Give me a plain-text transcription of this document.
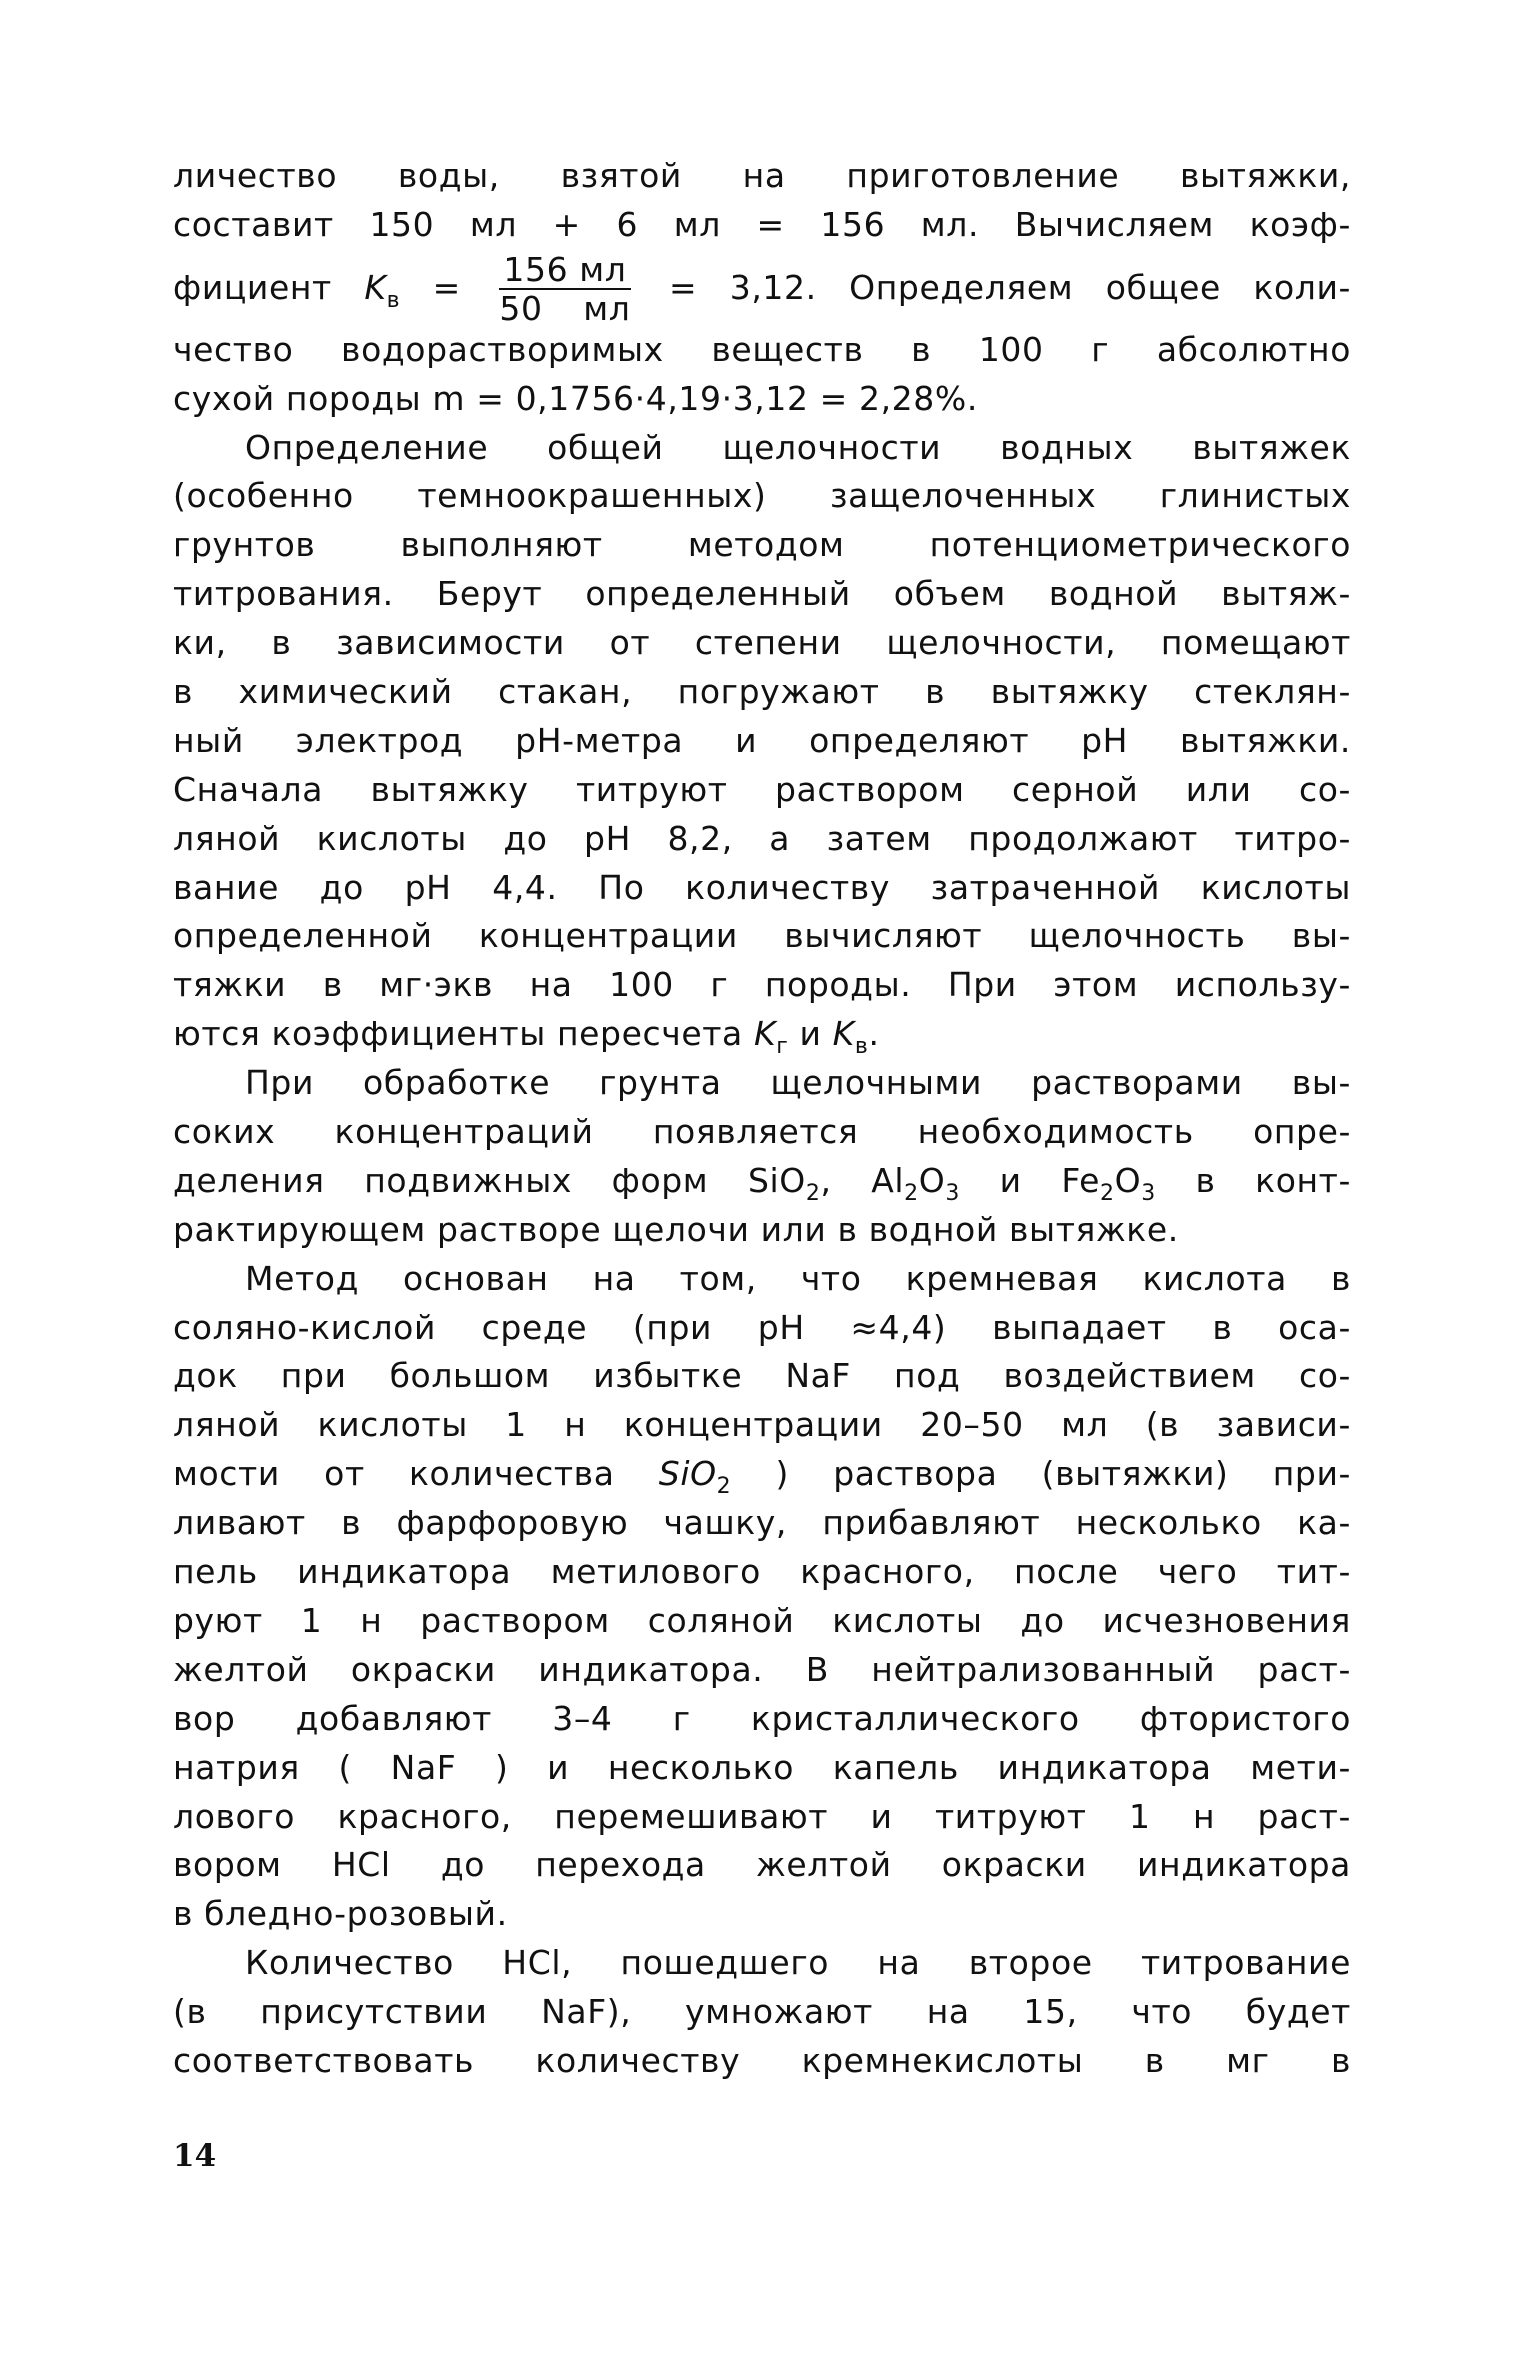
личество воды, взятой на приготовление вытяжки,
составит 150 мл + 6 мл = 156 мл. Вычисляем коэф-
фициент $K_в = \frac{156 мл}{50 мл} = 3,12$. Определяем общее коли-
чество водорастворимых веществ в 100 г абсолютно
сухой породы m = 0,1756·4,19·3,12 = 2,28%.
Определение общей щелочности водных вытяжек
(особенно темноокрашенных) защелоченных глинистых
грунтов выполняют методом потенциометрического
титрования. Берут определенный объем водной вытяж-
ки, в зависимости от степени щелочности, помещают
в химический стакан, погружают в вытяжку стеклян-
ный электрод pH-метра и определяют pH вытяжки.
Сначала вытяжку титруют раствором серной или со-
ляной кислоты до pH 8,2, а затем продолжают титро-
вание до pH 4,4. По количеству затраченной кислоты
определенной концентрации вычисляют щелочность вы-
тяжки в мг·экв на 100 г породы. При этом использу-
ются коэффициенты пересчета $K_г$ и $K_в$.
При обработке грунта щелочными растворами вы-
соких концентраций появляется необходимость опре-
деления подвижных форм SiO$_2$, $Al_2O_3$ и $Fe_2O_3$ в конт-
рактирующем растворе щелочи или в водной вытяжке.
Метод основан на том, что кремневая кислота в
соляно-кислой среде (при pH ≈4,4) выпадает в оса-
док при большом избытке NaF под воздействием со-
ляной кислоты 1 н концентрации 20–50 мл (в зависи-
мости от количества SiO$_2$ ) раствора (вытяжки) при-
ливают в фарфоровую чашку, прибавляют несколько ка-
пель индикатора метилового красного, после чего тит-
руют 1 н раствором соляной кислоты до исчезновения
желтой окраски индикатора. В нейтрализованный раст-
вор добавляют 3–4 г кристаллического фтористого
натрия ( NaF ) и несколько капель индикатора мети-
лового красного, перемешивают и титруют 1 н раст-
вором HCl до перехода желтой окраски индикатора
в бледно-розовый.
Количество HCl, пошедшего на второе титрование
(в присутствии NaF), умножают на 15, что будет
соответствовать количеству кремнекислоты в мг в
14
